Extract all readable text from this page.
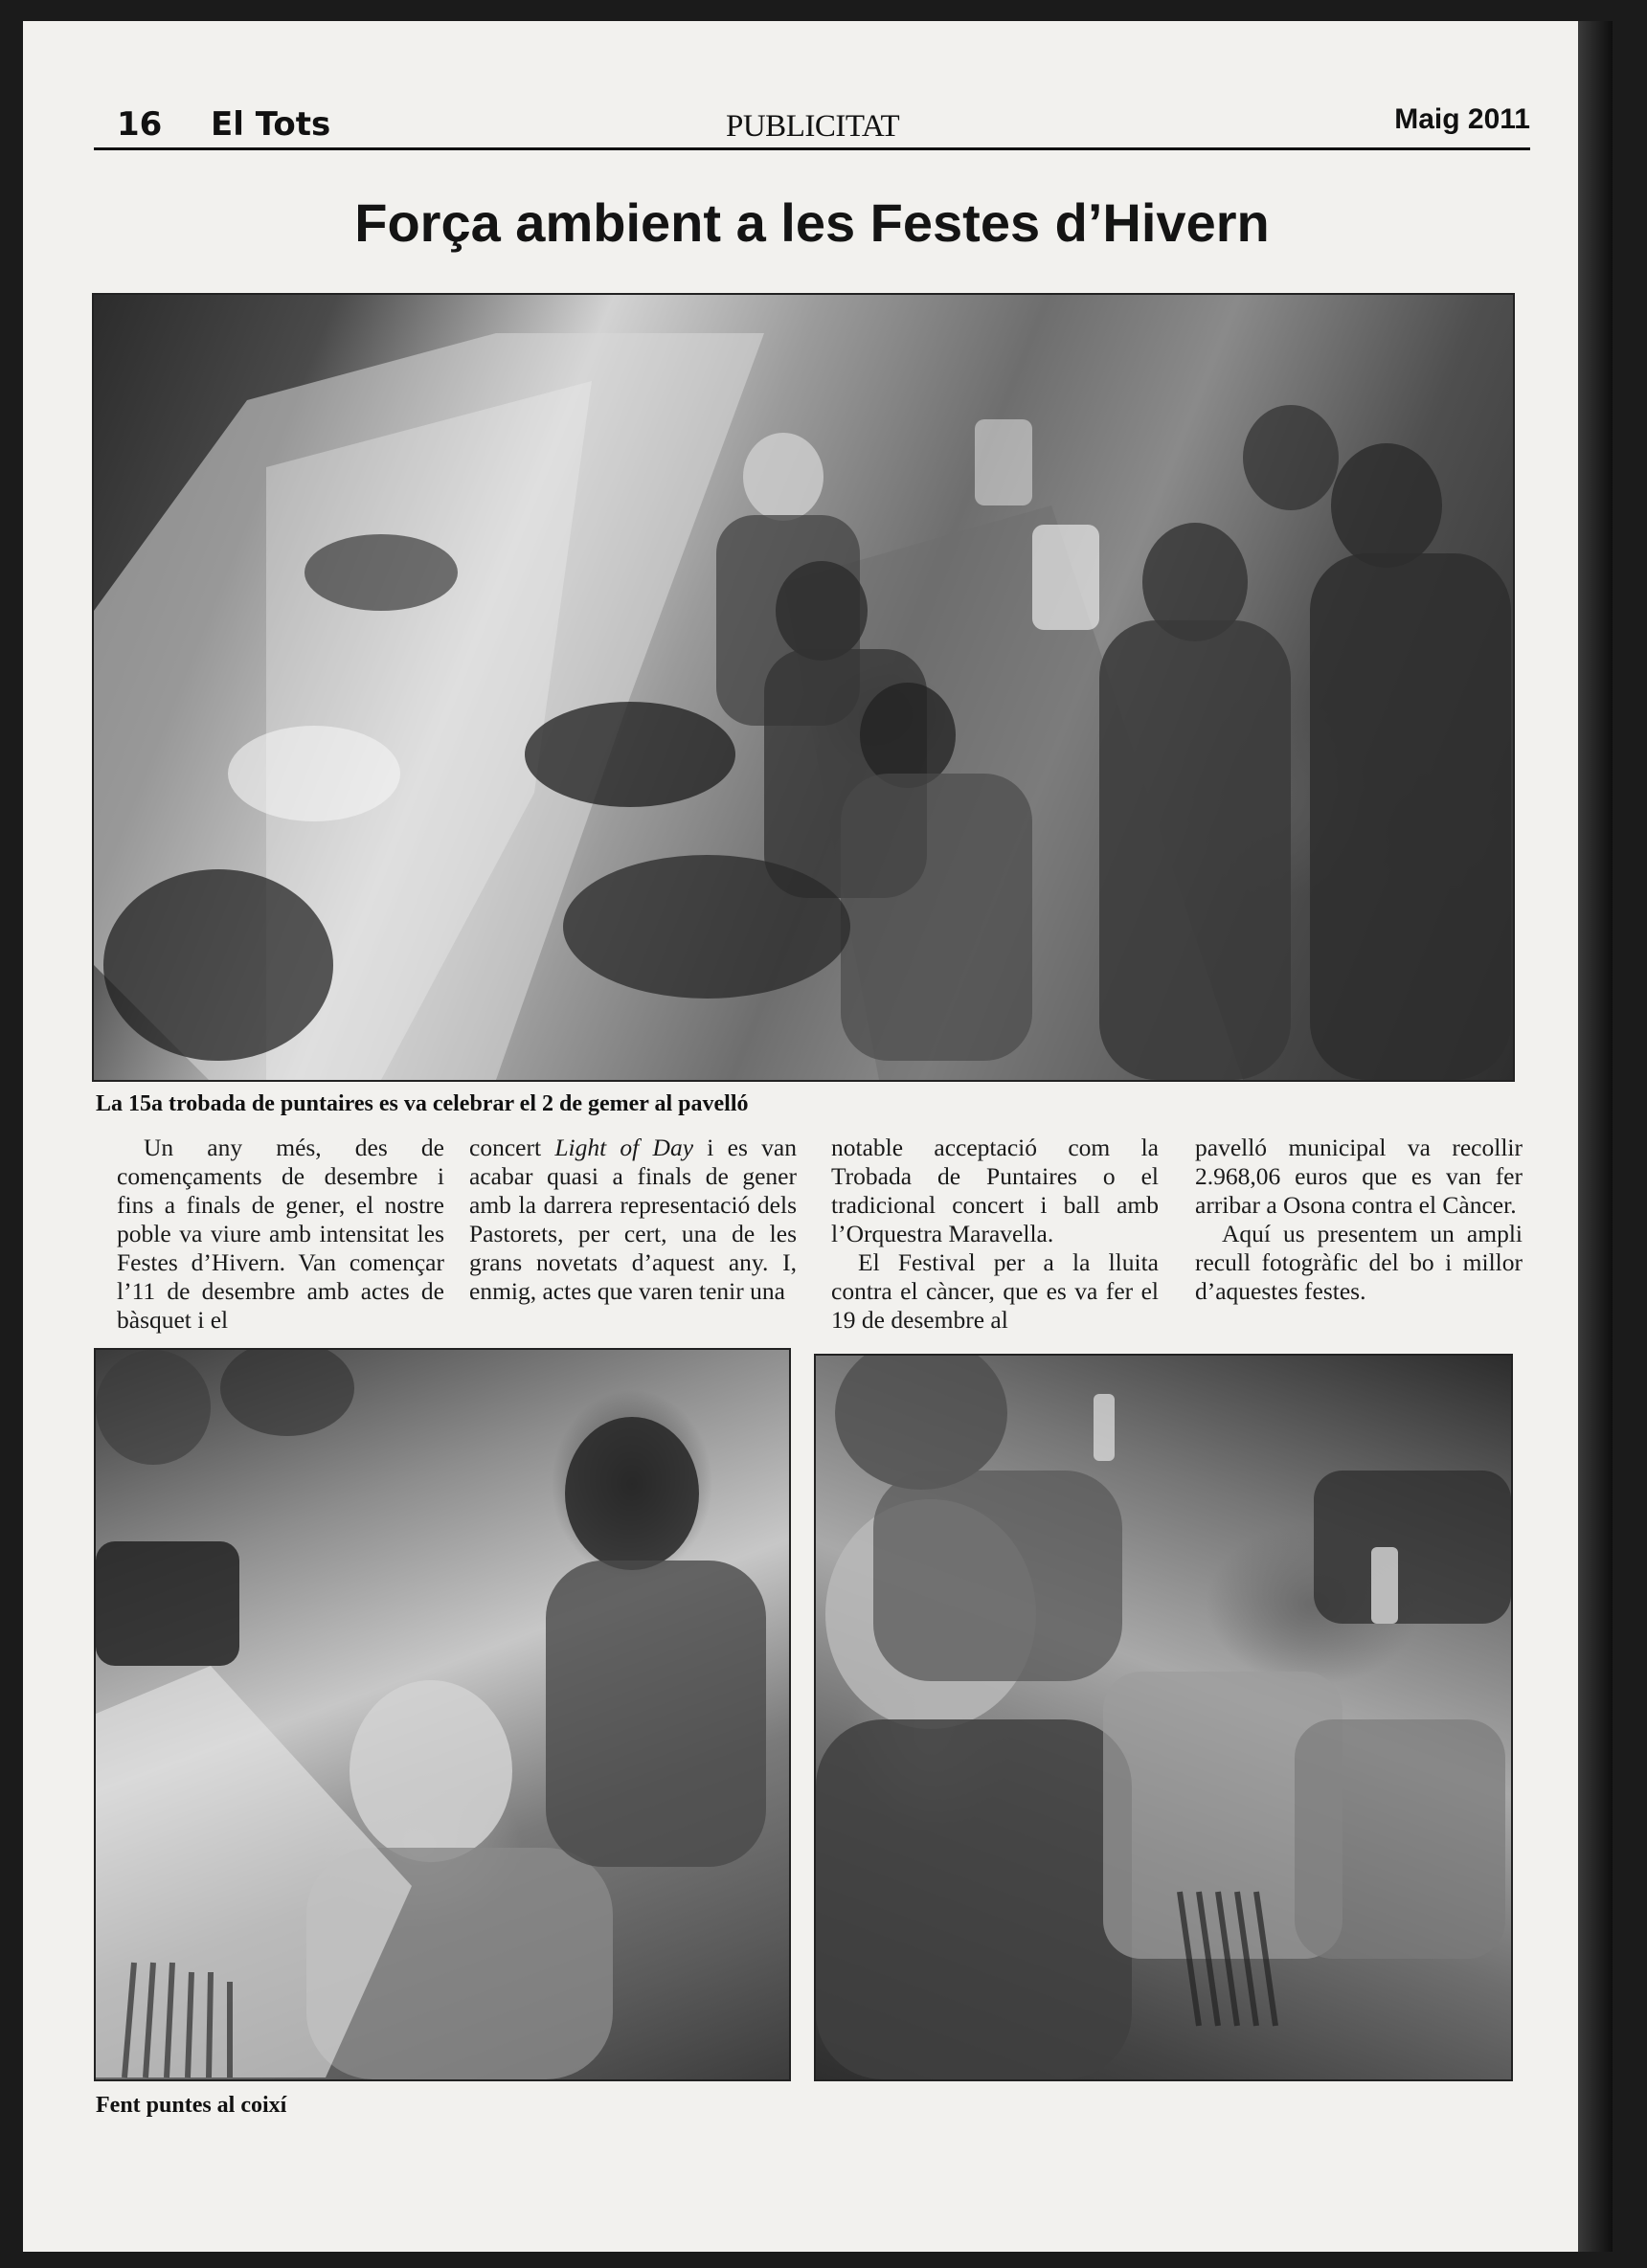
16 El Tots	PUBLICITAT	Maig 2011
Força ambient a les Festes d’Hivern
La 15a trobada de puntaires es va celebrar el 2 de gemer al pavelló

Un any més, des de començaments de desembre i fins a finals de gener, el nostre poble va viure amb intensitat les Festes d’Hivern. Van començar l’11 de desembre amb actes de bàsquet i el

concert Light of Day i es van acabar quasi a finals de gener amb la darrera representació dels Pastorets, per cert, una de les grans novetats d’aquest any. I, enmig, actes que varen tenir una

notable acceptació com la Trobada de Puntaires o el tradicional concert i ball amb l’Orquestra Maravella.

El Festival per a la lluita contra el càncer, que es va fer el 19 de desembre al

pavelló municipal va recollir 2.968,06 euros que es van fer arribar a Osona contra el Càncer.

Aquí us presentem un ampli recull fotogràfic del bo i millor d’aquestes festes.

Fent puntes al coixí
